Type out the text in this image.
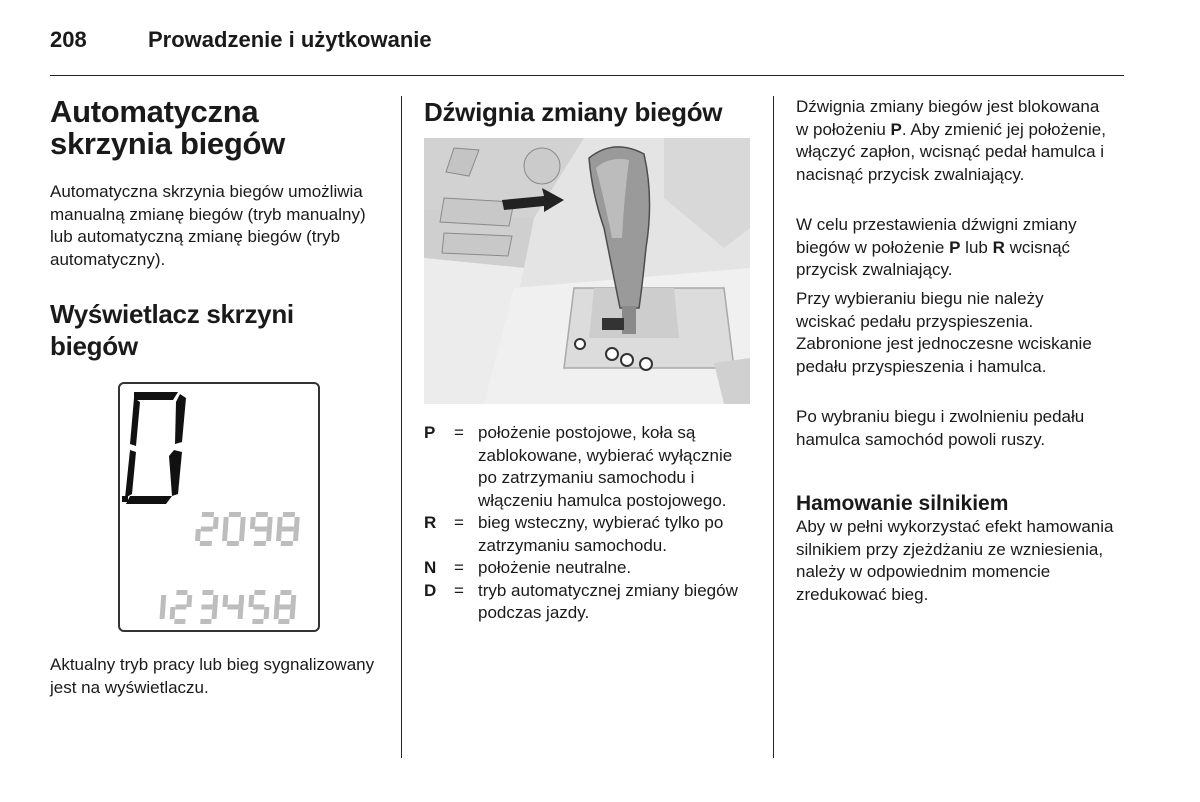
208	Prowadzenie i użytkowanie
Automatyczna skrzynia biegów

Automatyczna skrzynia biegów umożliwia manualną zmianę biegów (tryb manualny) lub automatyczną zmianę biegów (tryb automatyczny).

Wyświetlacz skrzyni biegów

Aktualny tryb pracy lub bieg sygnalizowany jest na wyświetlaczu.

Dźwignia zmiany biegów
P	= położenie postojowe, koła są zablokowane, wybierać wyłącznie po zatrzymaniu samochodu i włączeniu hamulca postojowego.
R	= bieg wsteczny, wybierać tylko po zatrzymaniu samochodu.
N	= położenie neutralne.
D	= tryb automatycznej zmiany biegów podczas jazdy.

Dźwignia zmiany biegów jest blokowana w położeniu P. Aby zmienić jej położenie, włączyć zapłon, wcisnąć pedał hamulca i nacisnąć przycisk zwalniający.

W celu przestawienia dźwigni zmiany biegów w położenie P lub R wcisnąć przycisk zwalniający.

Przy wybieraniu biegu nie należy wciskać pedału przyspieszenia. Zabronione jest jednoczesne wciskanie pedału przyspieszenia i hamulca.

Po wybraniu biegu i zwolnieniu pedału hamulca samochód powoli ruszy.

Hamowanie silnikiem

Aby w pełni wykorzystać efekt hamowania silnikiem przy zjeżdżaniu ze wzniesienia, należy w odpowiednim momencie zredukować bieg.
